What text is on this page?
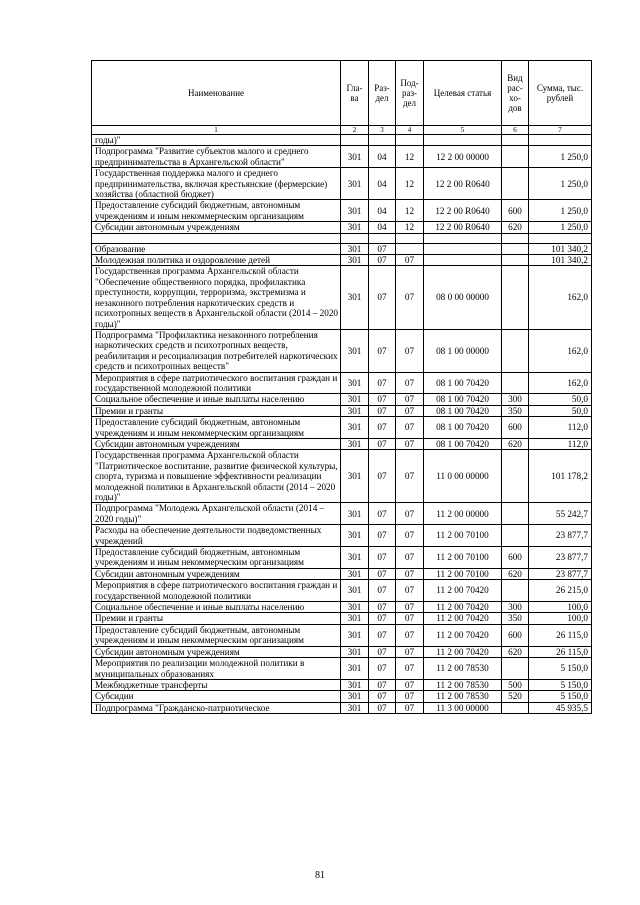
Наименование	Гла-ва	Раз-дел	Под-раз-дел	Целевая статья	Вид рас-хо-дов	Сумма, тыс. рублей
1	2	3	4	5	6	7
годы)"						
Подпрограмма "Развитие субъектов малого и среднего предпринимательства в Архангельской области"	301	04	12	12 2 00 00000		1 250,0
Государственная поддержка малого и среднего предпринимательства, включая крестьянские (фермерские) хозяйства (областной бюджет)	301	04	12	12 2 00 R0640		1 250,0
Предоставление субсидий бюджетным, автономным учреждениям и иным некоммерческим организациям	301	04	12	12 2 00 R0640	600	1 250,0
Субсидии автономным учреждениям	301	04	12	12 2 00 R0640	620	1 250,0

Образование	301	07				101 340,2
Молодежная политика и оздоровление детей	301	07	07			101 340,2
Государственная программа Архангельской области "Обеспечение общественного порядка, профилактика преступности, коррупции, терроризма, экстремизма и незаконного потребления наркотических средств и психотропных веществ в Архангельской области (2014 – 2020 годы)"	301	07	07	08 0 00 00000		162,0
Подпрограмма "Профилактика незаконного потребления наркотических средств и психотропных веществ, реабилитация и ресоциализация потребителей наркотических средств и психотропных веществ"	301	07	07	08 1 00 00000		162,0
Мероприятия в сфере патриотического воспитания граждан и государственной молодежной политики	301	07	07	08 1 00 70420		162,0
Социальное обеспечение и иные выплаты населению	301	07	07	08 1 00 70420	300	50,0
Премии и гранты	301	07	07	08 1 00 70420	350	50,0
Предоставление субсидий бюджетным, автономным учреждениям и иным некоммерческим организациям	301	07	07	08 1 00 70420	600	112,0
Субсидии автономным учреждениям	301	07	07	08 1 00 70420	620	112,0
Государственная программа Архангельской области "Патриотическое воспитание, развитие физической культуры, спорта, туризма и повышение эффективности реализации молодежной политики в Архангельской области (2014 – 2020 годы)"	301	07	07	11 0 00 00000		101 178,2
Подпрограмма "Молодежь Архангельской области (2014 – 2020 годы)"	301	07	07	11 2 00 00000		55 242,7
Расходы на обеспечение деятельности подведомственных учреждений	301	07	07	11 2 00 70100		23 877,7
Предоставление субсидий бюджетным, автономным учреждениям и иным некоммерческим организациям	301	07	07	11 2 00 70100	600	23 877,7
Субсидии автономным учреждениям	301	07	07	11 2 00 70100	620	23 877,7
Мероприятия в сфере патриотического воспитания граждан и государственной молодежной политики	301	07	07	11 2 00 70420		26 215,0
Социальное обеспечение и иные выплаты населению	301	07	07	11 2 00 70420	300	100,0
Премии и гранты	301	07	07	11 2 00 70420	350	100,0
Предоставление субсидий бюджетным, автономным учреждениям и иным некоммерческим организациям	301	07	07	11 2 00 70420	600	26 115,0
Субсидии автономным учреждениям	301	07	07	11 2 00 70420	620	26 115,0
Мероприятия по реализации молодежной политики в муниципальных образованиях	301	07	07	11 2 00 78530		5 150,0
Межбюджетные трансферты	301	07	07	11 2 00 78530	500	5 150,0
Субсидии	301	07	07	11 2 00 78530	520	5 150,0
Подпрограмма "Гражданско-патриотическое	301	07	07	11 3 00 00000		45 935,5
81
